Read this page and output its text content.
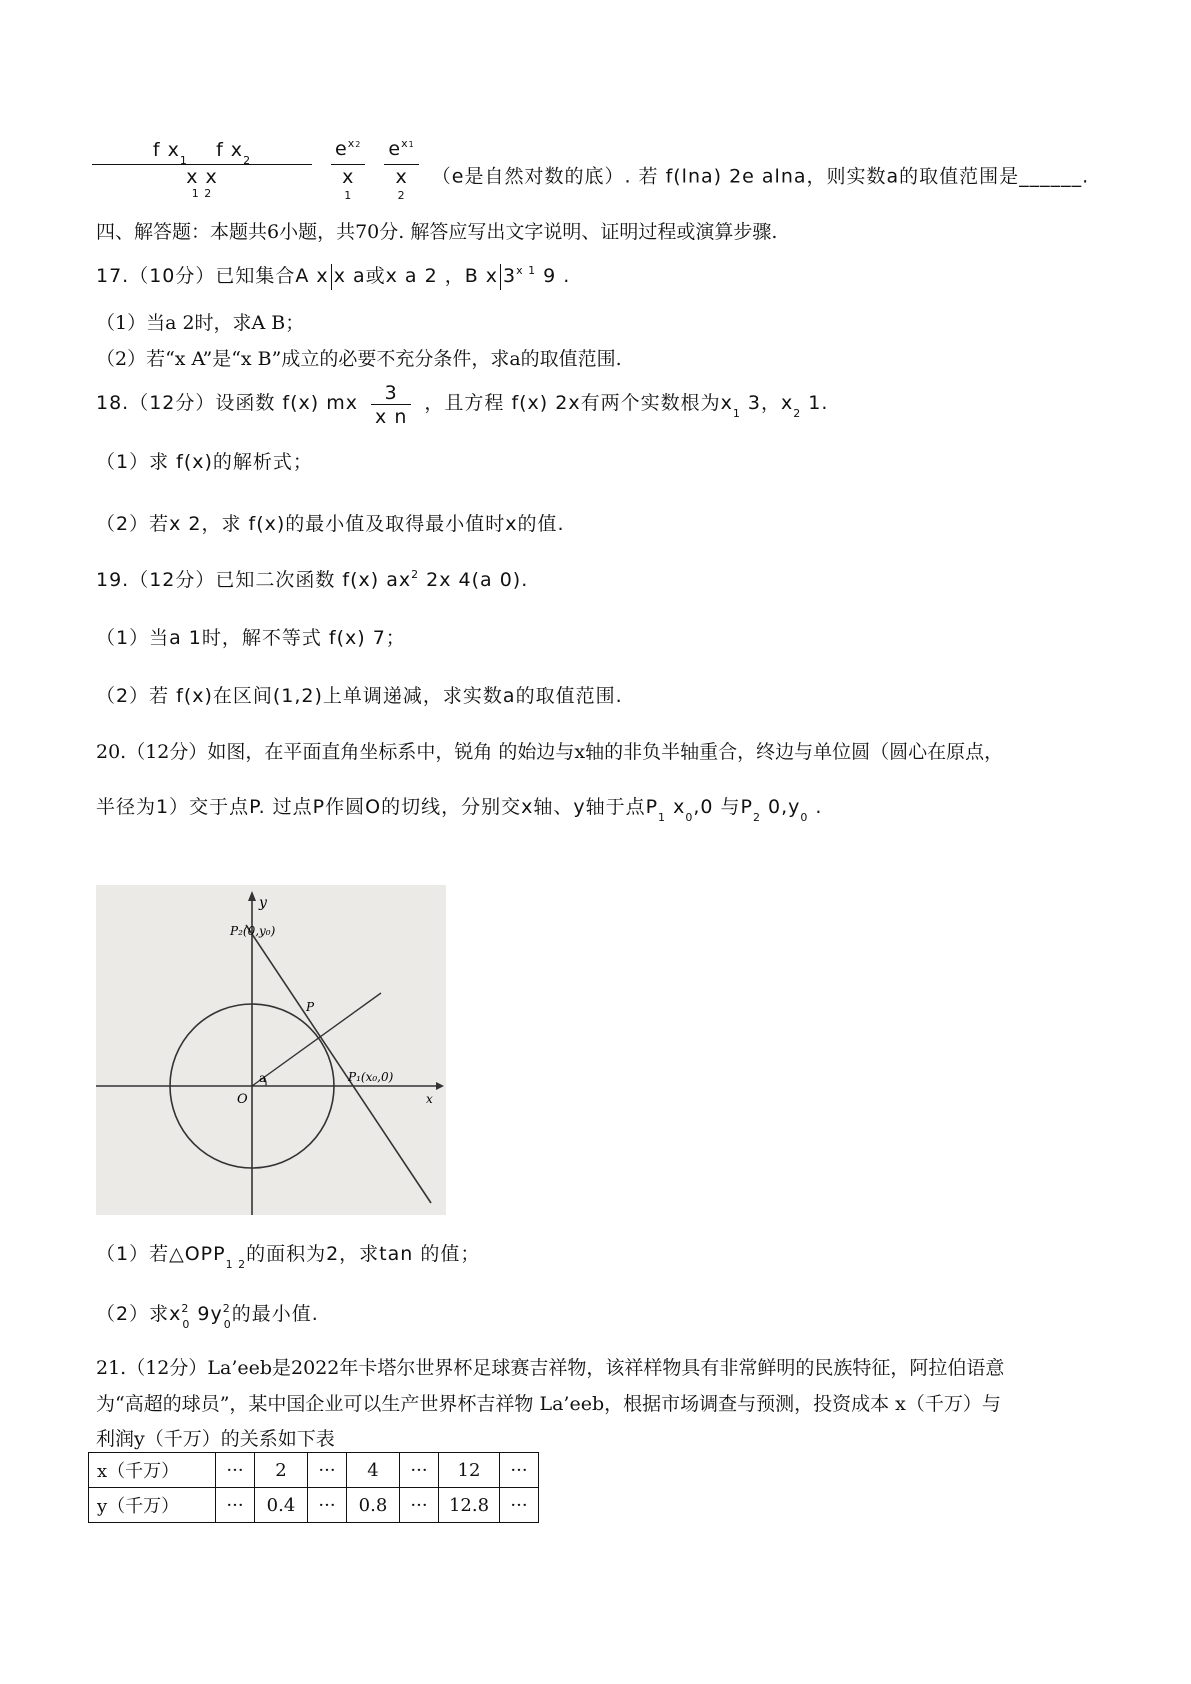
f $x_1$ f $x_2$
x x
$^{1 2}$

$e^{x2}$
x
$^1$

$e^{x1}$
x
$^2$
（e是自然对数的底）. 若 f(lna) 2e alna，则实数a的取值范围是______.
四、解答题：本题共6小题，共70分. 解答应写出文字说明、证明过程或演算步骤.
17.（10分）已知集合A x x a或x a 2 ，B x $3^{x 1}$ 9 .
（1）当a 2时，求A B；
（2）若“x A”是“x B”成立的必要不充分条件，求a的取值范围.
18.（12分）设函数 f(x) mx $\frac{3}{\text{x n}}$ ，且方程 f(x) 2x有两个实数根为$x_1$ 3，$x_2$ 1.
（1）求 f(x)的解析式；
（2）若x 2，求 f(x)的最小值及取得最小值时x的值.
19.（12分）已知二次函数 f(x) $ax^2$ 2x 4(a 0).
（1）当a 1时，解不等式 f(x) 7；
（2）若 f(x)在区间(1,2)上单调递减，求实数a的取值范围.
20.（12分）如图，在平面直角坐标系中，锐角 的始边与x轴的非负半轴重合，终边与单位圆（圆心在原点，
半径为1）交于点P. 过点P作圆O的切线，分别交x轴、y轴于点$P_1$ $x_0,0$ 与$P_2$ $0,y_0$ .
y
P₂(0,y₀)
P
O
a	P₁(x₀,0)
x
（1）若$\triangle OPP_{1 2}$的面积为2，求tan 的值；
（2）求$x^2_0$ $9y^2_0$的最小值.
21.（12分）La’eeb是2022年卡塔尔世界杯足球赛吉祥物，该祥样物具有非常鲜明的民族特征，阿拉伯语意
为“高超的球员”，某中国企业可以生产世界杯吉祥物 La’eeb，根据市场调查与预测，投资成本 x（千万）与
利润y（千万）的关系如下表
x（千万）	···	2	···	4	···	12	···
y（千万）	···	0.4	···	0.8	···	12.8	···
